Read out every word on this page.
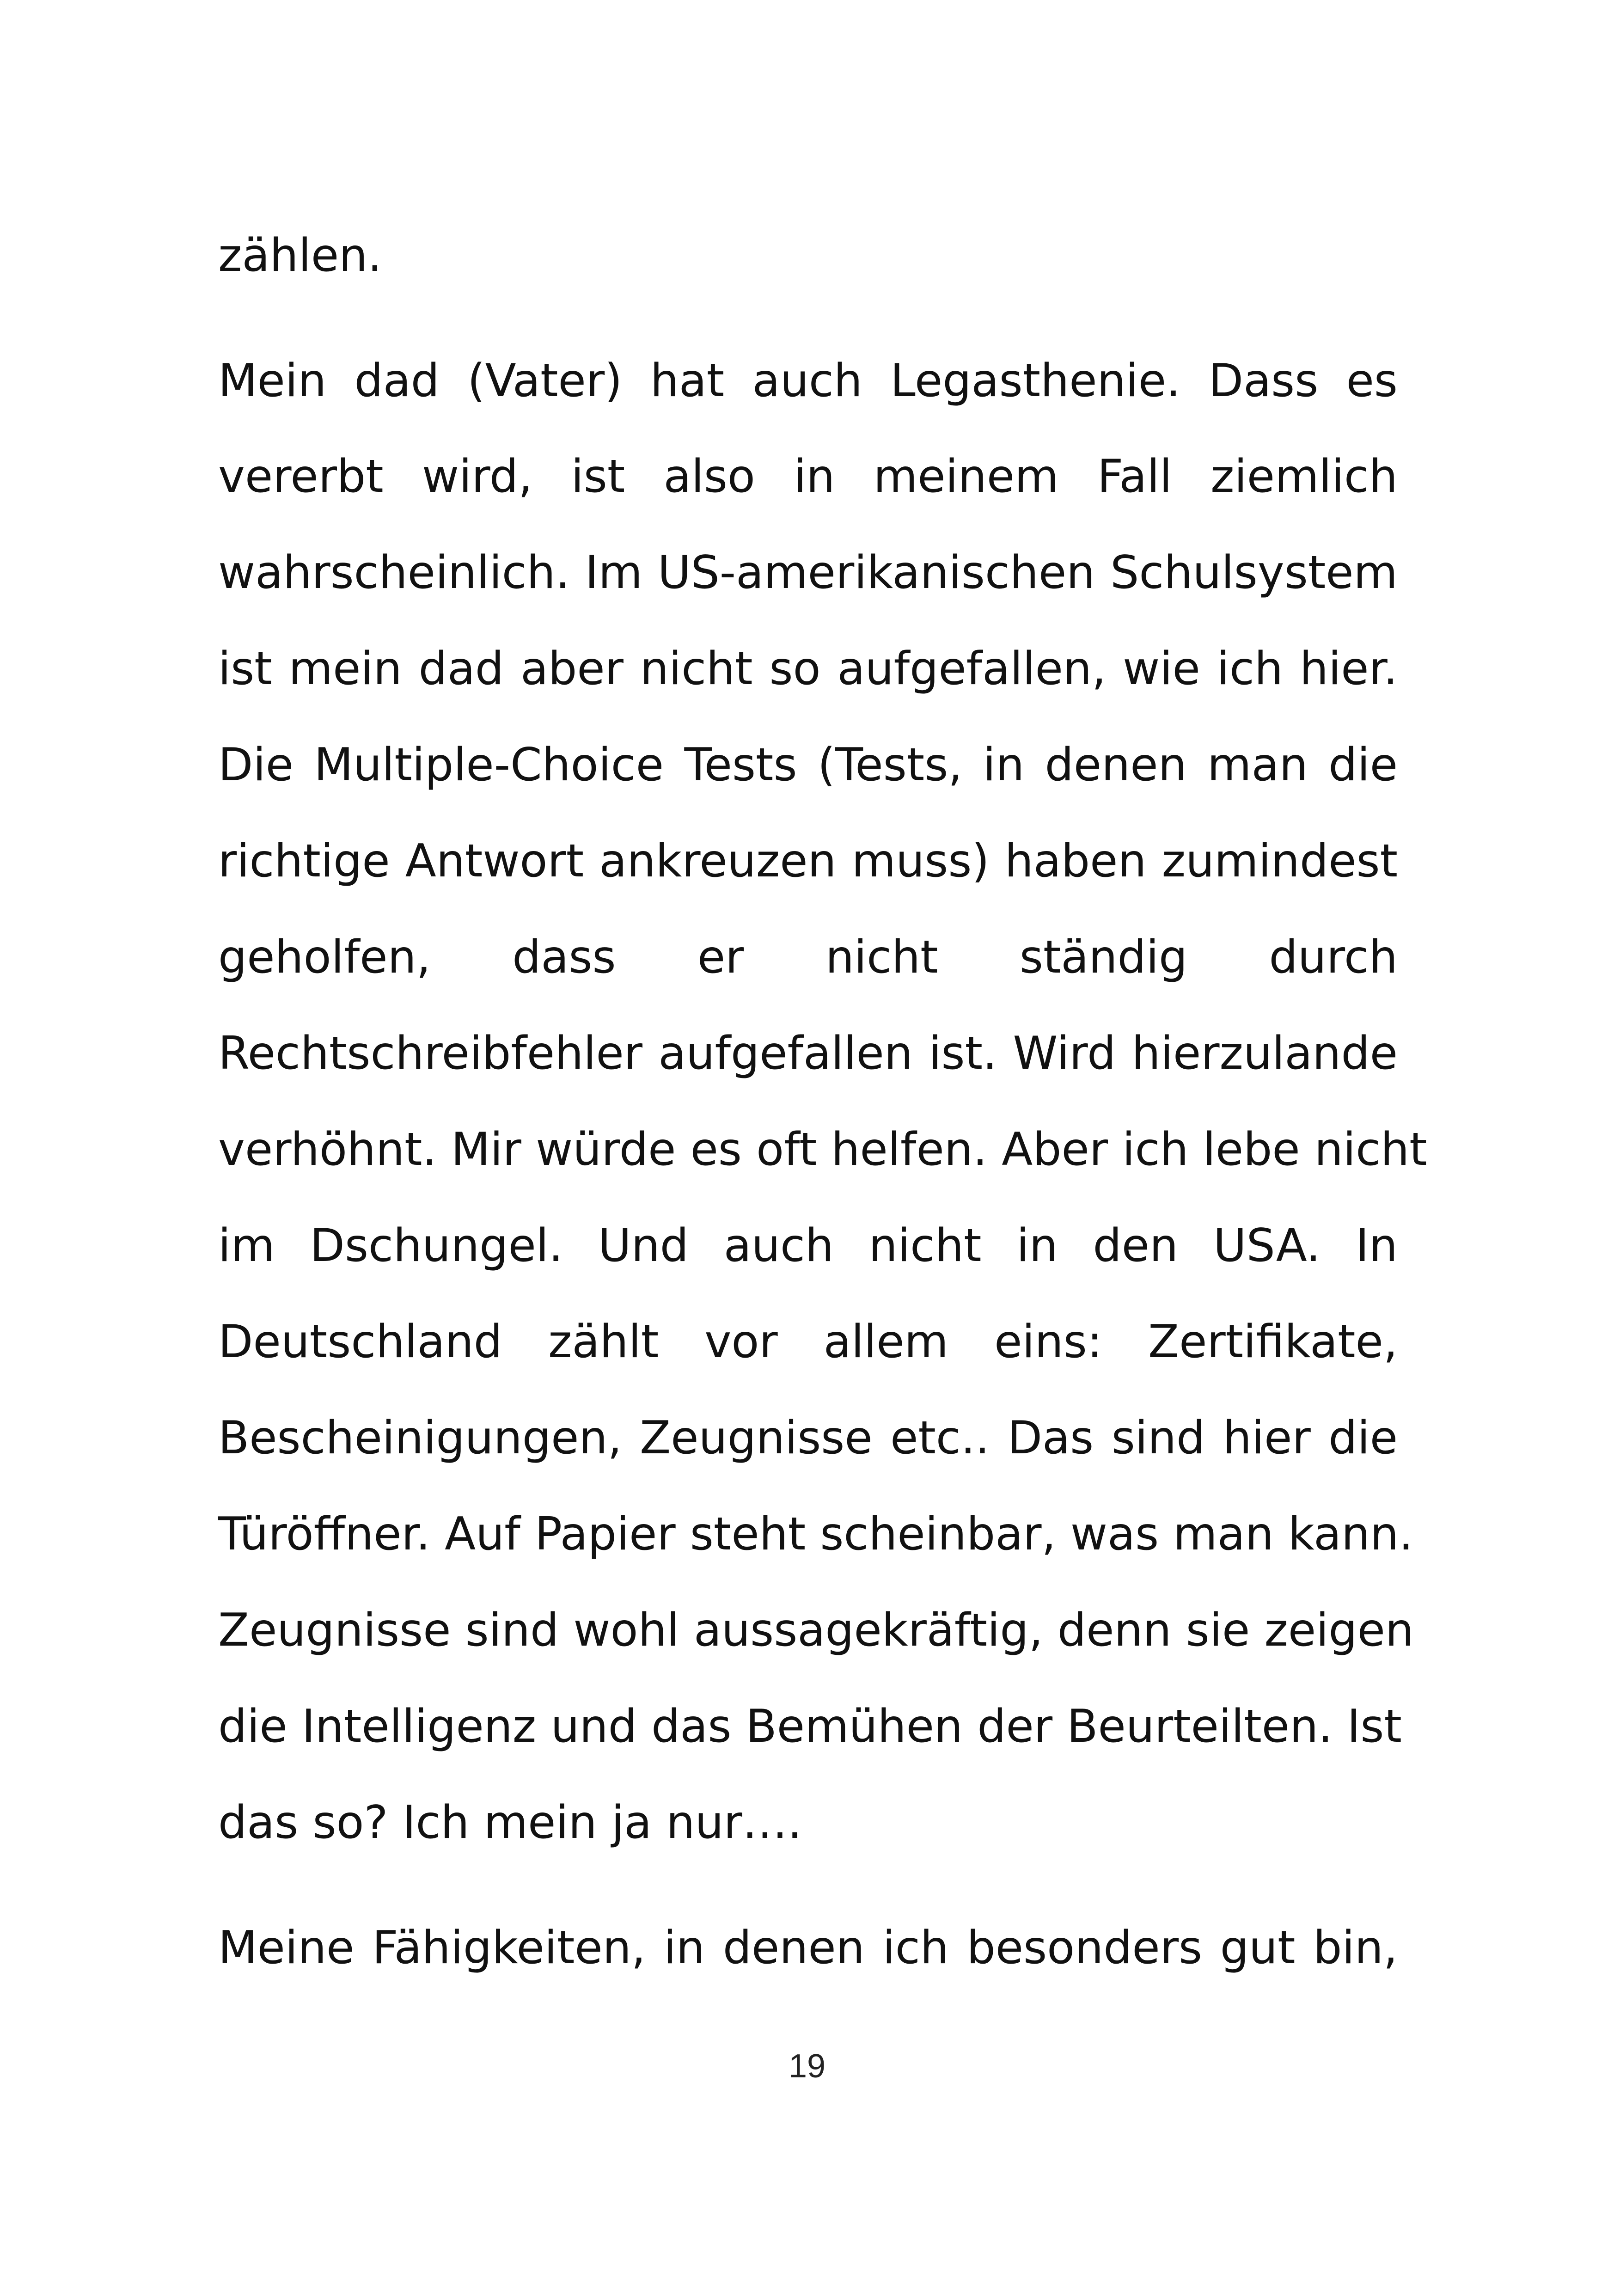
zählen.
Mein dad (Vater) hat auch Legasthenie. Dass es
vererbt wird, ist also in meinem Fall ziemlich
wahrscheinlich. Im US-amerikanischen Schulsystem
ist mein dad aber nicht so aufgefallen, wie ich hier.
Die Multiple-Choice Tests (Tests, in denen man die
richtige Antwort ankreuzen muss) haben zumindest
geholfen, dass er nicht ständig durch
Rechtschreibfehler aufgefallen ist. Wird hierzulande
verhöhnt. Mir würde es oft helfen. Aber ich lebe nicht
im Dschungel. Und auch nicht in den USA. In
Deutschland zählt vor allem eins: Zertifikate,
Bescheinigungen, Zeugnisse etc.. Das sind hier die
Türöffner. Auf Papier steht scheinbar, was man kann.
Zeugnisse sind wohl aussagekräftig, denn sie zeigen
die Intelligenz und das Bemühen der Beurteilten. Ist
das so? Ich mein ja nur….
Meine Fähigkeiten, in denen ich besonders gut bin,
19
